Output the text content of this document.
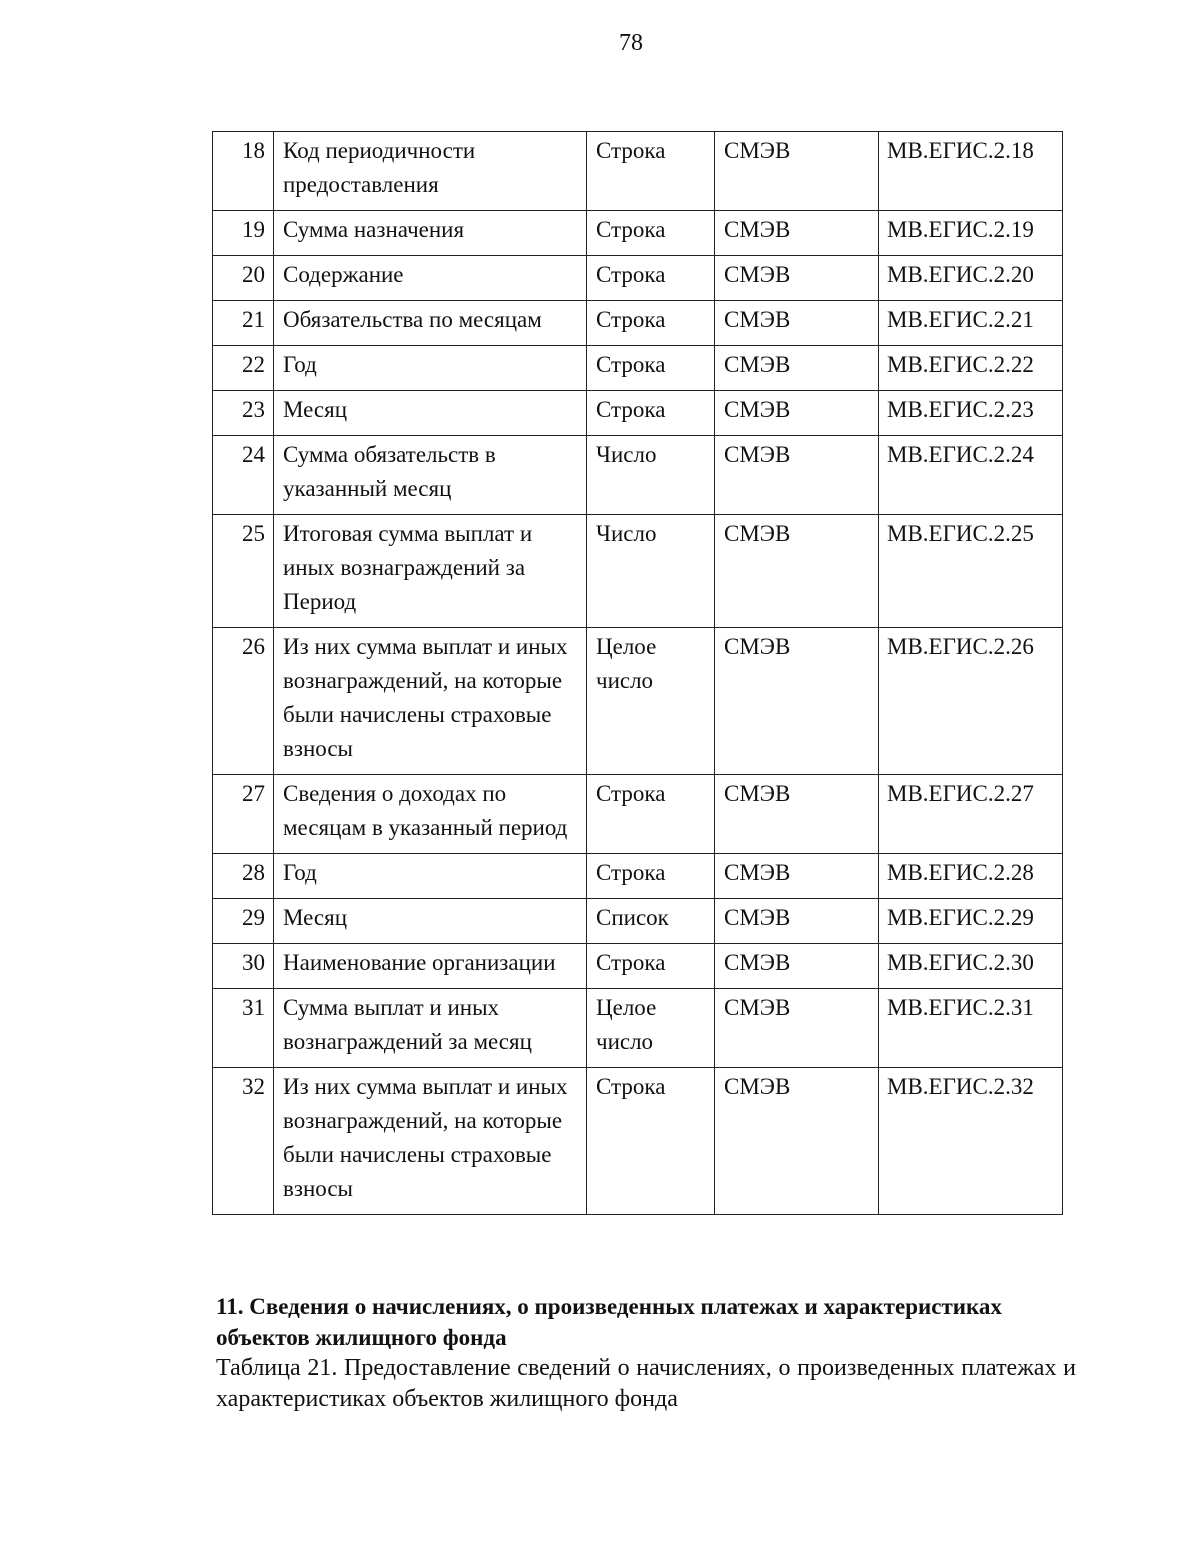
78
18	Код периодичности предоставления	Строка	СМЭВ	МВ.ЕГИС.2.18
19	Сумма назначения	Строка	СМЭВ	МВ.ЕГИС.2.19
20	Содержание	Строка	СМЭВ	МВ.ЕГИС.2.20
21	Обязательства по месяцам	Строка	СМЭВ	МВ.ЕГИС.2.21
22	Год	Строка	СМЭВ	МВ.ЕГИС.2.22
23	Месяц	Строка	СМЭВ	МВ.ЕГИС.2.23
24	Сумма обязательств в указанный месяц	Число	СМЭВ	МВ.ЕГИС.2.24
25	Итоговая сумма выплат и иных вознаграждений за Период	Число	СМЭВ	МВ.ЕГИС.2.25
26	Из них сумма выплат и иных вознаграждений, на которые были начислены страховые взносы	Целое число	СМЭВ	МВ.ЕГИС.2.26
27	Сведения о доходах по месяцам в указанный период	Строка	СМЭВ	МВ.ЕГИС.2.27
28	Год	Строка	СМЭВ	МВ.ЕГИС.2.28
29	Месяц	Список	СМЭВ	МВ.ЕГИС.2.29
30	Наименование организации	Строка	СМЭВ	МВ.ЕГИС.2.30
31	Сумма выплат и иных вознаграждений за месяц	Целое число	СМЭВ	МВ.ЕГИС.2.31
32	Из них сумма выплат и иных вознаграждений, на которые были начислены страховые взносы	Строка	СМЭВ	МВ.ЕГИС.2.32
11. Сведения о начислениях, о произведенных платежах и характеристиках объектов жилищного фонда
Таблица 21. Предоставление сведений о начислениях, о произведенных платежах и характеристиках объектов жилищного фонда
